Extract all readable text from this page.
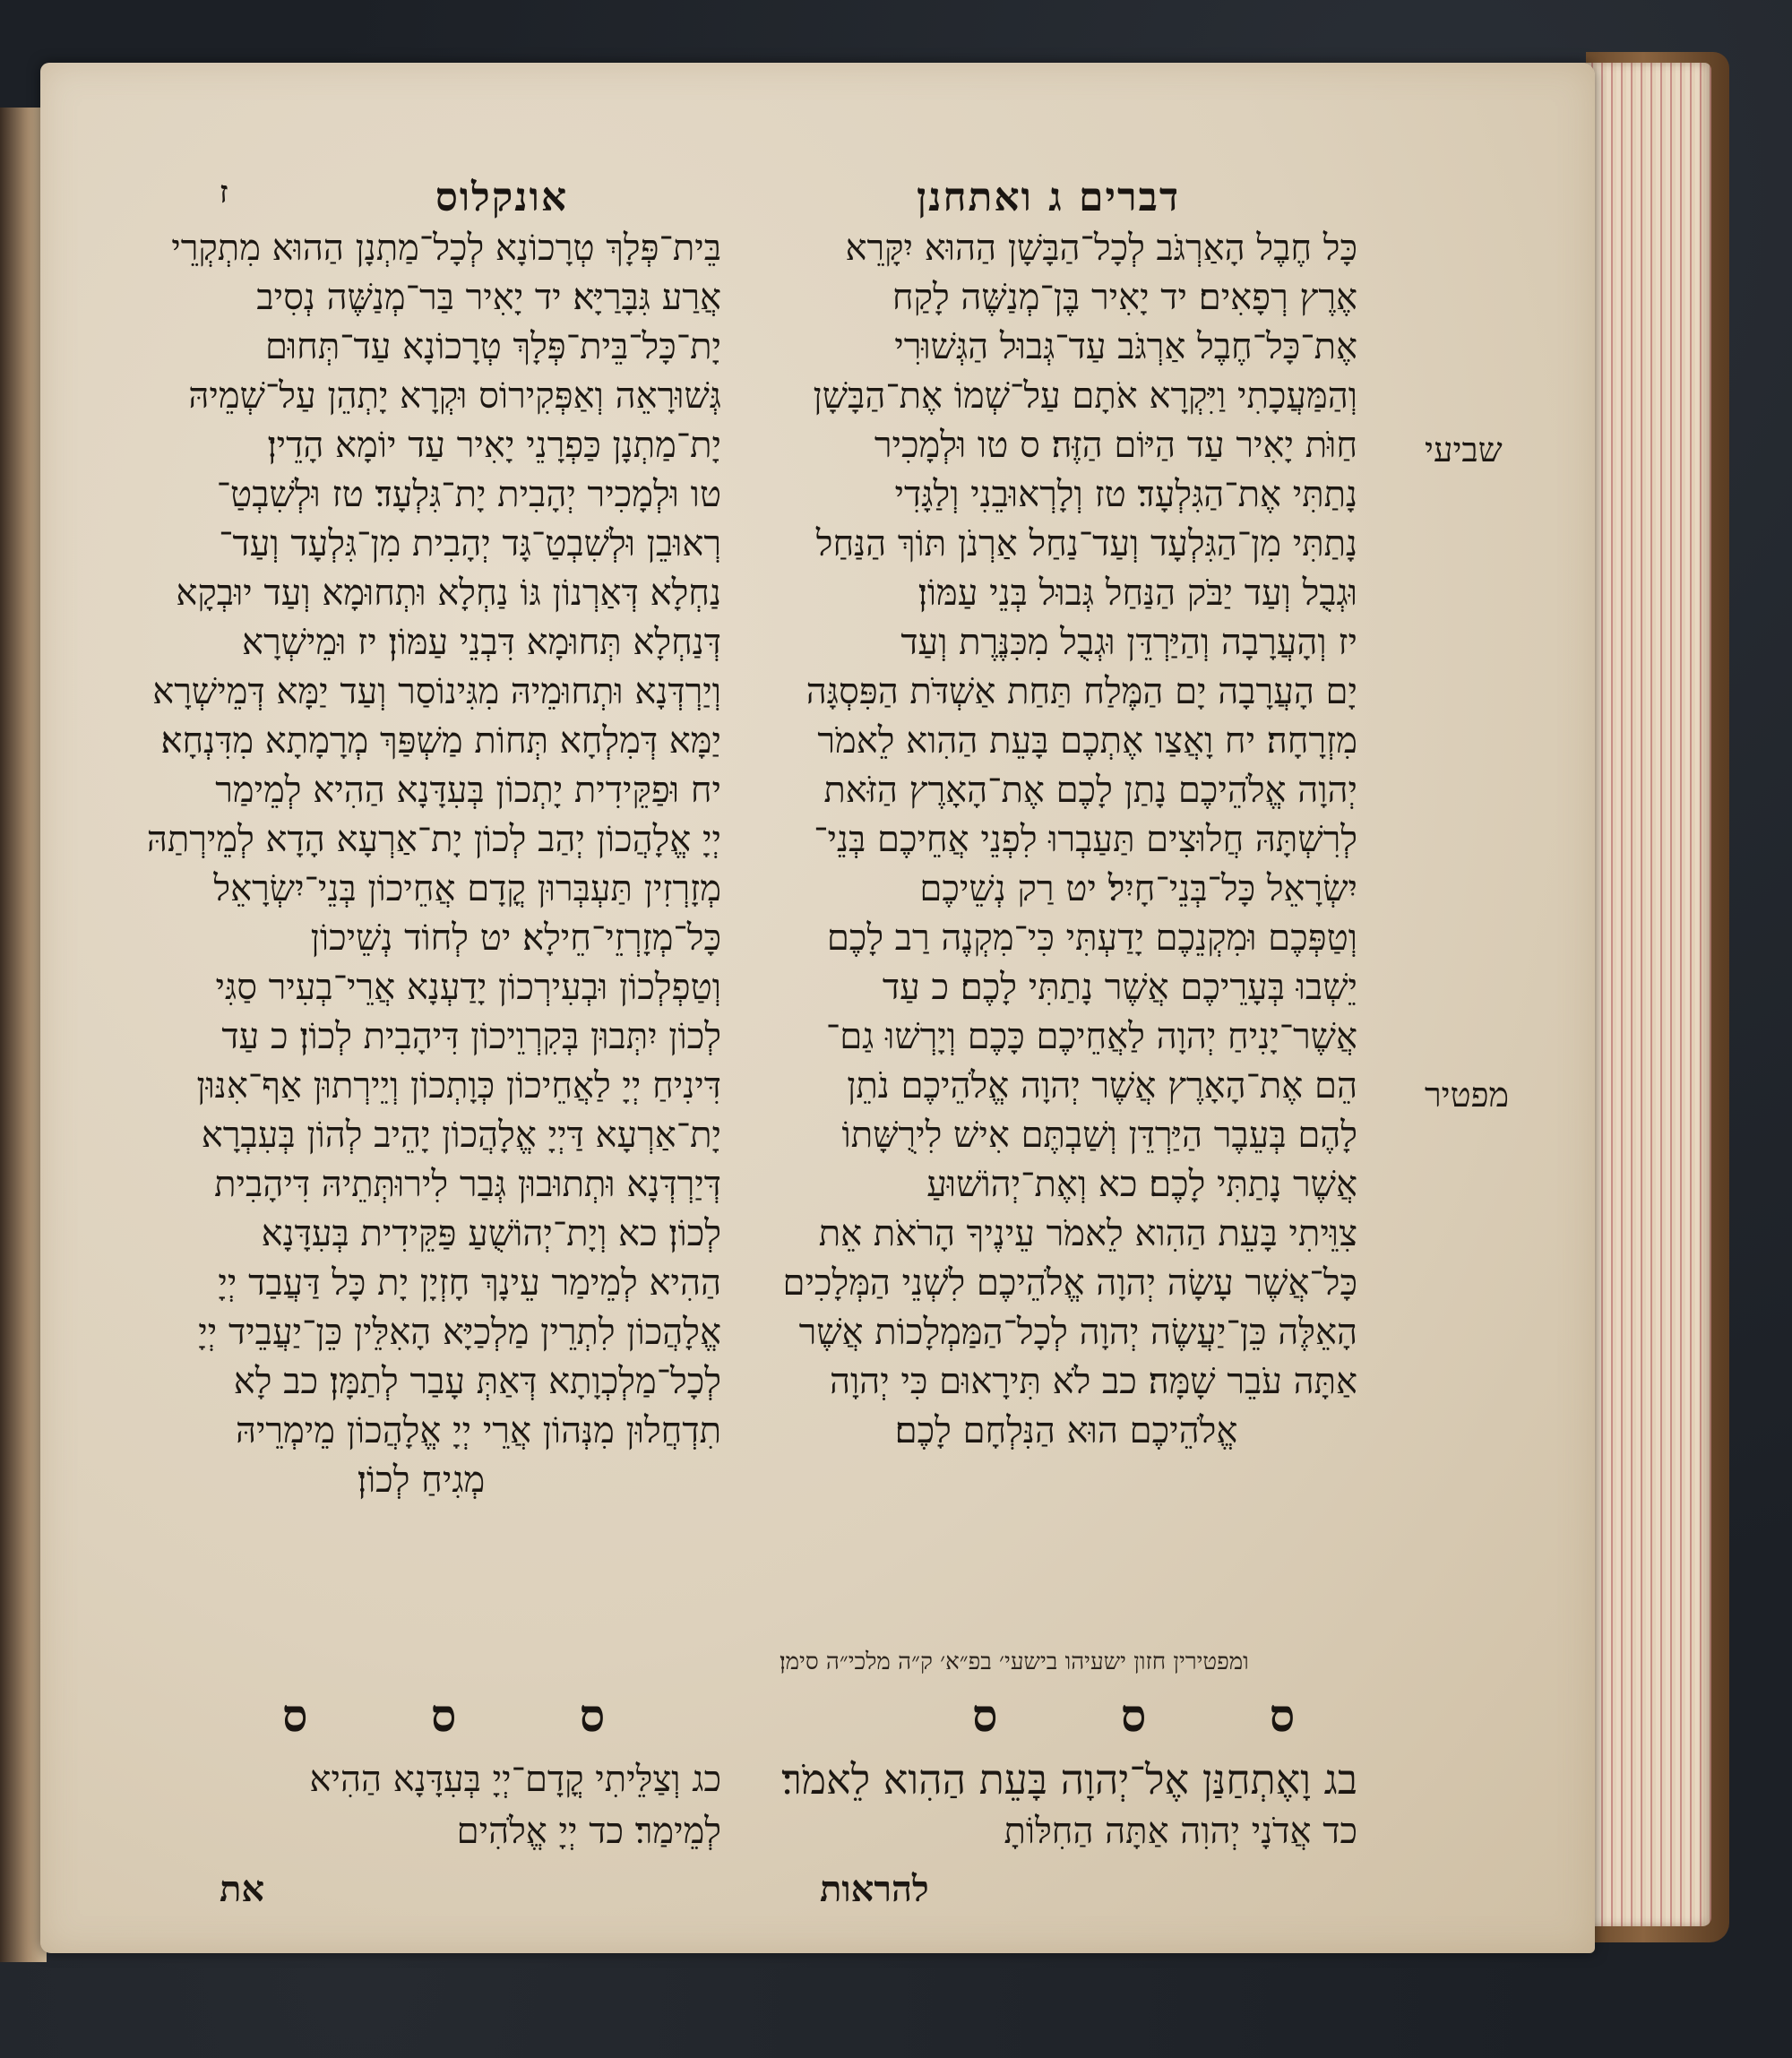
דברים ג ואתחנן
אונקלוס
ז
כָּל חֶבֶל הָאַרְגֹּב לְכָל־הַבָּשָׁן הַהוּא יִקָּרֵא
אֶרֶץ רְפָאִים׃ יד יָאִיר בֶּן־מְנַשֶּׁה לָקַח
אֶת־כָּל־חֶבֶל אַרְגֹּב עַד־גְּבוּל הַגְּשׁוּרִי
וְהַמַּעֲכָתִי וַיִּקְרָא אֹתָם עַל־שְׁמוֹ אֶת־הַבָּשָׁן
חַוֹּת יָאִיר עַד הַיּוֹם הַזֶּה׃ ס טו וּלְמָכִיר
נָתַתִּי אֶת־הַגִּלְעָד׃ טז וְלָרְאוּבֵנִי וְלַגָּדִי
נָתַתִּי מִן־הַגִּלְעָד וְעַד־נַחַל אַרְנֹן תּוֹךְ הַנַּחַל
וּגְבֻל וְעַד יַבֹּק הַנַּחַל גְּבוּל בְּנֵי עַמּוֹן׃
יז וְהָעֲרָבָה וְהַיַּרְדֵּן וּגְבֻל מִכִּנֶּרֶת וְעַד
יָם הָעֲרָבָה יָם הַמֶּלַח תַּחַת אַשְׁדֹּת הַפִּסְגָּה
מִזְרָחָה׃ יח וָאֲצַו אֶתְכֶם בָּעֵת הַהִוא לֵאמֹר
יְהוָה אֱלֹהֵיכֶם נָתַן לָכֶם אֶת־הָאָרֶץ הַזֹּאת
לְרִשְׁתָּהּ חֲלוּצִים תַּעַבְרוּ לִפְנֵי אֲחֵיכֶם בְּנֵי־
יִשְׂרָאֵל כָּל־בְּנֵי־חָיִל׃ יט רַק נְשֵׁיכֶם
וְטַפְּכֶם וּמִקְנֵכֶם יָדַעְתִּי כִּי־מִקְנֶה רַב לָכֶם
יֵשְׁבוּ בְּעָרֵיכֶם אֲשֶׁר נָתַתִּי לָכֶם׃ כ עַד
אֲשֶׁר־יָנִיחַ יְהוָה לַאֲחֵיכֶם כָּכֶם וְיָרְשׁוּ גַם־
הֵם אֶת־הָאָרֶץ אֲשֶׁר יְהוָה אֱלֹהֵיכֶם נֹתֵן
לָהֶם בְּעֵבֶר הַיַּרְדֵּן וְשַׁבְתֶּם אִישׁ לִירֻשָּׁתוֹ
אֲשֶׁר נָתַתִּי לָכֶם׃ כא וְאֶת־יְהוֹשׁוּעַ
צִוֵּיתִי בָּעֵת הַהִוא לֵאמֹר עֵינֶיךָ הָרֹאֹת אֵת
כָּל־אֲשֶׁר עָשָׂה יְהוָה אֱלֹהֵיכֶם לִשְׁנֵי הַמְּלָכִים
הָאֵלֶּה כֵּן־יַעֲשֶׂה יְהוָה לְכָל־הַמַּמְלָכוֹת אֲשֶׁר
אַתָּה עֹבֵר שָׁמָּה׃ כב לֹא תִּירָאוּם כִּי יְהוָה
אֱלֹהֵיכֶם הוּא הַנִּלְחָם לָכֶם׃
בֵּית־פְּלָךְ טְרָכוֹנָא לְכָל־מַתְנָן הַהוּא מִתְקְרֵי
אֲרַע גִּבָּרַיָּא׃ יד יָאִיר בַּר־מְנַשֶּׁה נְסִיב
יָת־כָּל־בֵּית־פְּלָךְ טְרָכוֹנָא עַד־תְּחוּם
גְּשׁוּרָאֵה וְאַפְּקִירוֹס וּקְרָא יָתְהֵן עַל־שְׁמֵיהּ
יָת־מַתְנָן כַּפְרָנֵי יָאִיר עַד יוֹמָא הָדֵין׃
טו וּלְמָכִיר יְהָבִית יָת־גִּלְעָד׃ טז וּלְשִׁבְטַ־
רְאוּבֵן וּלְשִׁבְטַ־גָּד יְהָבִית מִן־גִּלְעָד וְעַד־
נַחְלָא דְּאַרְנוֹן גּוֹ נַחְלָא וּתְחוּמָא וְעַד יוּבְקָא
דְּנַחְלָא תְּחוּמָא דִּבְנֵי עַמּוֹן׃ יז וּמֵישְׁרָא
וְיַרְדְּנָא וּתְחוּמֵיהּ מִגִּינוֹסַר וְעַד יַמָּא דְּמֵישְׁרָא
יַמָּא דְּמִלְחָא תְּחוֹת מַשְׁפַּךְ מְרָמָתָא מִדִּנְחָא׃
יח וּפַקֵּידִית יָתְכוֹן בְּעִדָּנָא הַהִיא לְמֵימַר
יְיָ אֱלָהֲכוֹן יְהַב לְכוֹן יָת־אַרְעָא הָדָא לְמֵירְתַהּ
מְזָרְזִין תַּעְבְּרוּן קֳדָם אֲחֵיכוֹן בְּנֵי־יִשְׂרָאֵל
כָּל־מְזָרְזֵי־חֵילָא׃ יט לְחוֹד נְשֵׁיכוֹן
וְטַפְלְכוֹן וּבְעִירְכוֹן יָדַעְנָא אֲרֵי־בְעִיר סַגִּי
לְכוֹן יִתְּבוּן בְּקִרְוֵיכוֹן דִּיהָבִית לְכוֹן׃ כ עַד
דִּינִיחַ יְיָ לַאֲחֵיכוֹן כְּוָתְכוֹן וְיֵירְתוּן אַף־אִנּוּן
יָת־אַרְעָא דַּיְיָ אֱלָהֲכוֹן יָהֵיב לְהוֹן בְּעִבְרָא
דְּיַרְדְּנָא וּתְתוּבוּן גְּבַר לִירוּתְּתֵיהּ דִּיהָבִית
לְכוֹן׃ כא וְיָת־יְהוֹשֻׁעַ פַּקֵּידִית בְּעִדָּנָא
הַהִיא לְמֵימַר עֵינָךְ חָזְיָן יָת כָּל דַּעֲבַד יְיָ
אֱלָהֲכוֹן לִתְרֵין מַלְכַיָּא הָאִלֵּין כֵּן־יַעֲבֵיד יְיָ
לְכָל־מַלְכְוָתָא דְּאַתְּ עָבַר לְתַמָּן׃ כב לָא
תִדְחֲלוּן מִנְּהוֹן אֲרֵי יְיָ אֱלָהֲכוֹן מֵימְרֵיהּ
מְגִיחַ לְכוֹן׃
שביעי
מפטיר
ומפטירין חזון ישעיהו בישעי׳ בפ״א׳ ק״ה מלכי״ה סימן׃
ס ס ס
ס ס ס
בג וָאֶתְחַנַּן אֶל־יְהוָה בָּעֵת הַהִוא לֵאמֹר׃
כד אֲדֹנָי יְהוִה אַתָּה הַחִלּוֹתָ
כג וְצַלֵּיתִי קֳדָם־יְיָ בְּעִדָּנָא הַהִיא
לְמֵימַר׃ כד יְיָ אֱלֹהִים
להראות
את
